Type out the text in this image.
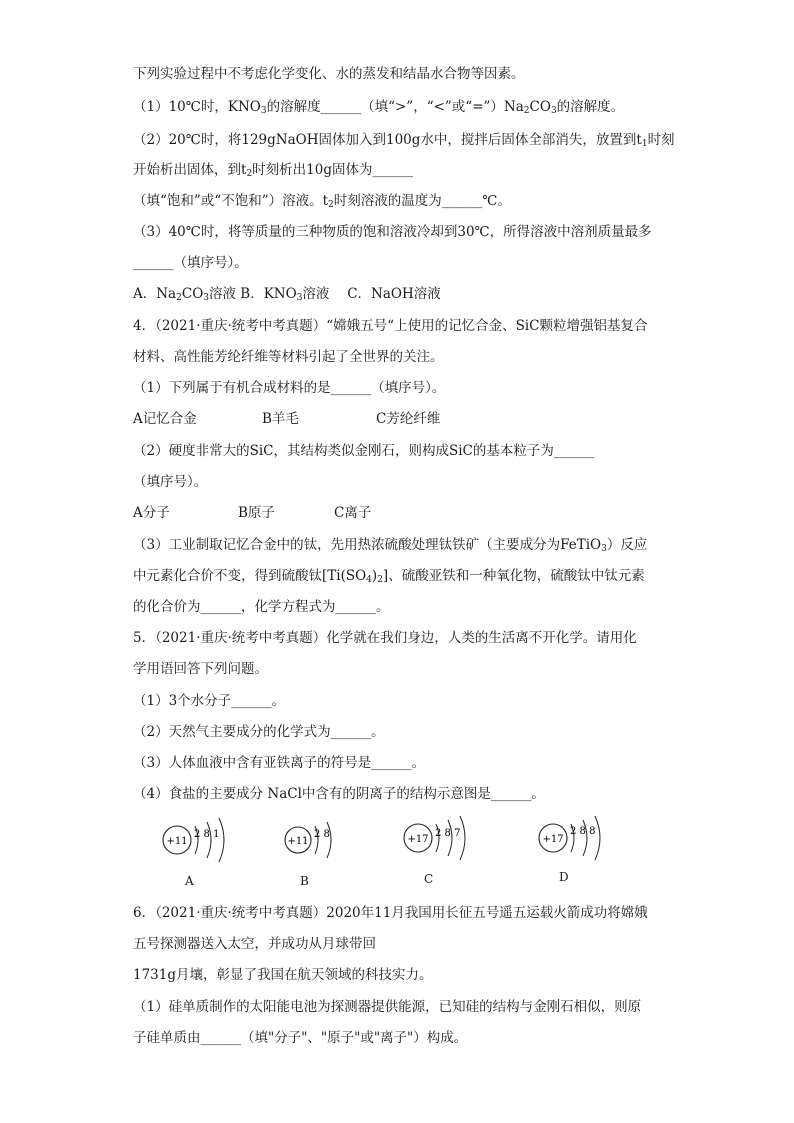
下列实验过程中不考虑化学变化、水的蒸发和结晶水合物等因素。
（1）10℃时，$KNO_3$的溶解度______（填“>”，“<”或“$=”)Na_2CO_3$的溶解度。
（2）20℃时，将129gNaOH固体加入到100g水中，搅拌后固体全部消失，放置到$t_1$时刻
开始析出固体，到$t_2$时刻析出10g固体为______
（填“饱和”或“不饱和”）溶液。$t_2$时刻溶液的温度为______℃。
（3）40℃时，将等质量的三种物质的饱和溶液冷却到30℃，所得溶液中溶剂质量最多
______（填序号）。
A．$Na_2CO_3$溶液 B．$KNO_3$溶液　 C．NaOH溶液
4．（2021·重庆·统考中考真题）“嫦娥五号“上使用的记忆合金、SiC颗粒增强铝基复合
材料、高性能芳纶纤维等材料引起了全世界的关注。
（1）下列属于有机合成材料的是______（填序号）。
A记忆合金	B羊毛	C芳纶纤维
（2）硬度非常大的SiC，其结构类似金刚石，则构成SiC的基本粒子为______
（填序号）。
A分子	B原子	C离子
（3）工业制取记忆合金中的钛，先用热浓硫酸处理钛铁矿（主要成分为FeTiO$_3$）反应
中元素化合价不变，得到硫酸钛$[Ti(SO_4)_2]$、硫酸亚铁和一种氧化物，硫酸钛中钛元素
的化合价为______，化学方程式为______。
5．（2021·重庆·统考中考真题）化学就在我们身边，人类的生活离不开化学。请用化
学用语回答下列问题。
（1）3个水分子______。
（2）天然气主要成分的化学式为______。
（3）人体血液中含有亚铁离子的符号是______。
（4）食盐的主要成分 NaCl中含有的阴离子的结构示意图是______。
+11
2 8 1
A
+11
2 8
B
+17
2 8 7
C
+17
2 8 8
D
6．（2021·重庆·统考中考真题）2020年11月我国用长征五号遥五运载火箭成功将嫦娥
五号探测器送入太空，并成功从月球带回
1731g月壤，彰显了我国在航天领域的科技实力。
（1）硅单质制作的太阳能电池为探测器提供能源，已知硅的结构与金刚石相似，则原
子硅单质由______（填"分子"、"原子"或"离子"）构成。
